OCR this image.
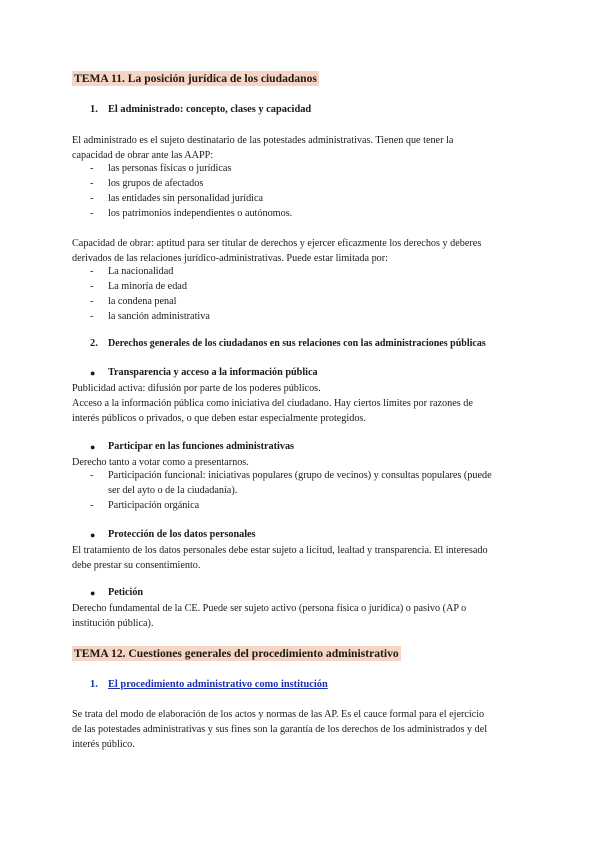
TEMA 11. La posición jurídica de los ciudadanos
1. El administrado: concepto, clases y capacidad
El administrado es el sujeto destinatario de las potestades administrativas. Tienen que tener la
capacidad de obrar ante las AAPP:
- las personas físicas o jurídicas
- los grupos de afectados
- las entidades sin personalidad jurídica
- los patrimonios independientes o autónomos.
Capacidad de obrar: aptitud para ser titular de derechos y ejercer eficazmente los derechos y deberes
derivados de las relaciones jurídico-administrativas. Puede estar limitada por:
- La nacionalidad
- La minoría de edad
- la condena penal
- la sanción administrativa
2. Derechos generales de los ciudadanos en sus relaciones con las administraciones públicas
● Transparencia y acceso a la información pública
Publicidad activa: difusión por parte de los poderes públicos.
Acceso a la información pública como iniciativa del ciudadano. Hay ciertos límites por razones de
interés públicos o privados, o que deben estar especialmente protegidos.
● Participar en las funciones administrativas
Derecho tanto a votar como a presentarnos.
- Participación funcional: iniciativas populares (grupo de vecinos) y consultas populares (puede
ser del ayto o de la ciudadanía).
- Participación orgánica
● Protección de los datos personales
El tratamiento de los datos personales debe estar sujeto a licitud, lealtad y transparencia. El interesado
debe prestar su consentimiento.
● Petición
Derecho fundamental de la CE. Puede ser sujeto activo (persona física o jurídica) o pasivo (AP o
institución pública).
TEMA 12. Cuestiones generales del procedimiento administrativo
1. El procedimiento administrativo como institución
Se trata del modo de elaboración de los actos y normas de las AP. Es el cauce formal para el ejercicio
de las potestades administrativas y sus fines son la garantía de los derechos de los administrados y del
interés público.
